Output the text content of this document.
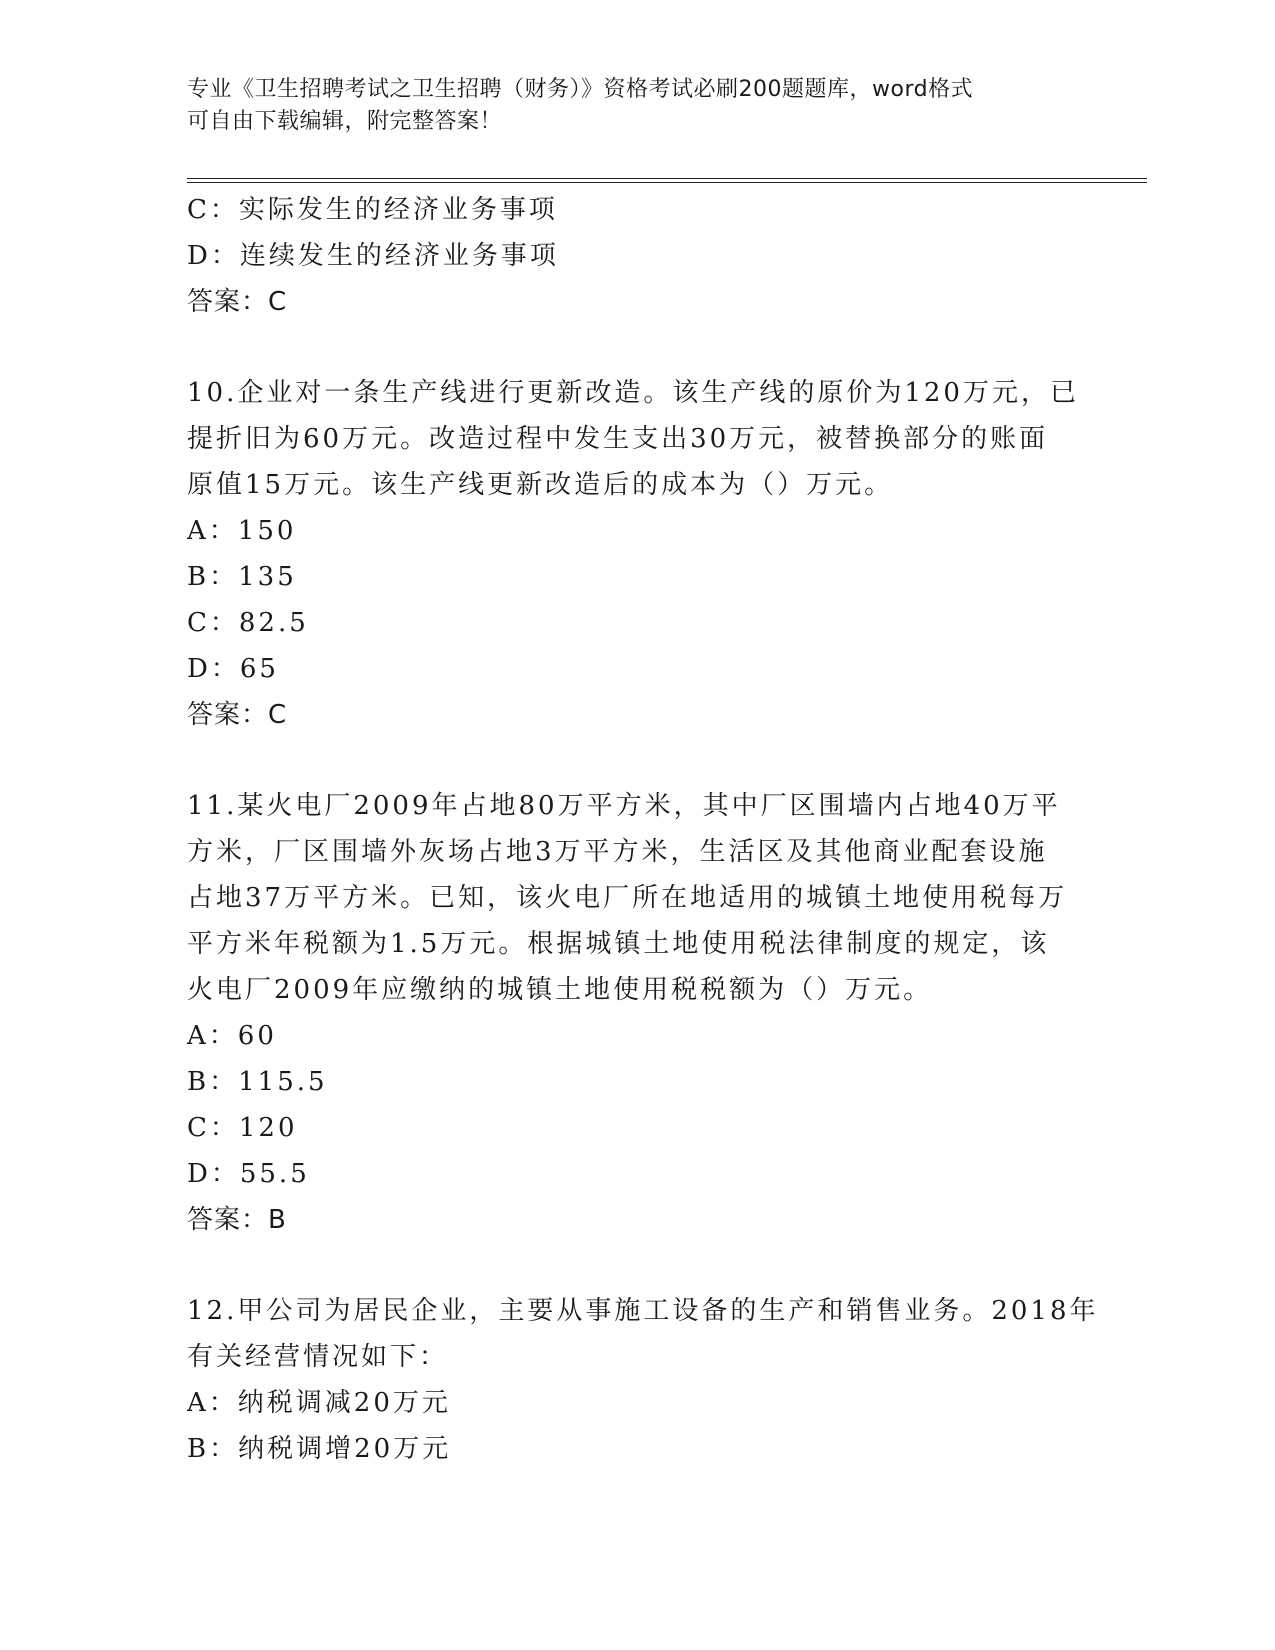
专业《卫生招聘考试之卫生招聘（财务）》资格考试必刷200题题库，word格式
可自由下载编辑，附完整答案！
C：实际发生的经济业务事项
D：连续发生的经济业务事项
答案：C
10.企业对一条生产线进行更新改造。该生产线的原价为120万元，已
提折旧为60万元。改造过程中发生支出30万元，被替换部分的账面
原值15万元。该生产线更新改造后的成本为（）万元。
A：150
B：135
C：82.5
D：65
答案：C
11.某火电厂2009年占地80万平方米，其中厂区围墙内占地40万平
方米，厂区围墙外灰场占地3万平方米，生活区及其他商业配套设施
占地37万平方米。已知，该火电厂所在地适用的城镇土地使用税每万
平方米年税额为1.5万元。根据城镇土地使用税法律制度的规定，该
火电厂2009年应缴纳的城镇土地使用税税额为（）万元。
A：60
B：115.5
C：120
D：55.5
答案：B
12.甲公司为居民企业，主要从事施工设备的生产和销售业务。2018年
有关经营情况如下：
A：纳税调减20万元
B：纳税调增20万元
